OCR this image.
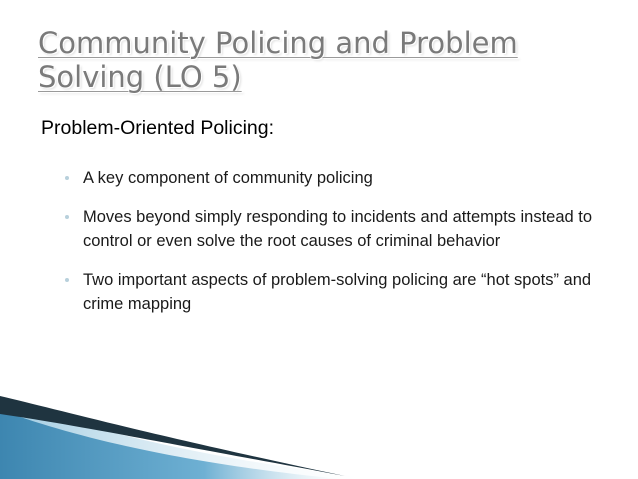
Community Policing and Problem
Solving (LO 5)

Problem-Oriented Policing:

A key component of community policing
Moves beyond simply responding to incidents and attempts instead to control or even solve the root causes of criminal behavior
Two important aspects of problem-solving policing are “hot spots” and crime mapping
